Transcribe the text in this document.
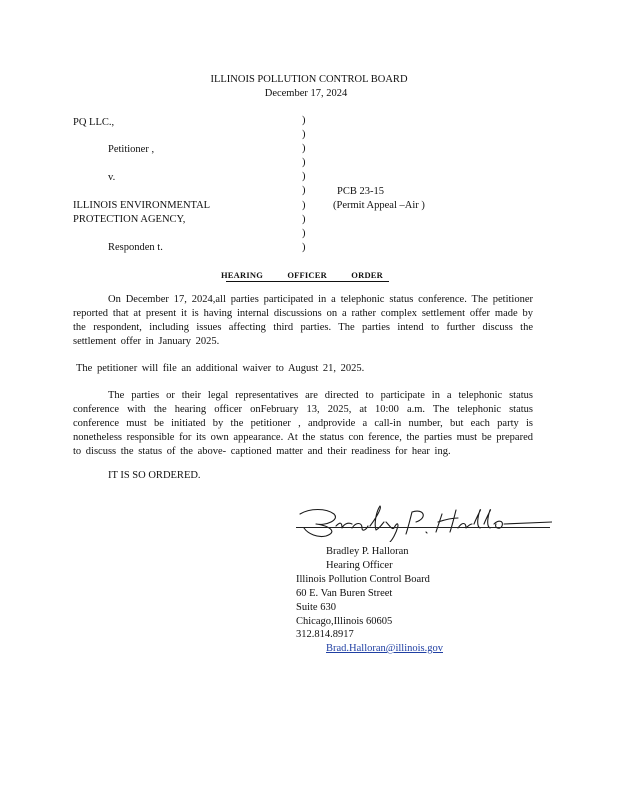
ILLINOIS POLLUTION CONTROL BOARD
December 17, 2024
PQ LLC.,
Petitioner ,
v.
ILLINOIS ENVIRONMENTAL
PROTECTION AGENCY,
Responden t.
)
)
)
)
)
)
)
)
)
)
PCB 23-15
(Permit Appeal –Air )
HEARING OFFICER ORDER
On December 17, 2024,all parties participated in a telephonic status conference. The petitioner reported that at present it is having internal discussions on a rather complex settlement offer made by the respondent, including issues affecting third parties. The parties intend to further discuss the settlement offer in January 2025.
The petitioner will file an additional waiver to August 21, 2025.
The parties or their legal representatives are directed to participate in a telephonic status conference with the hearing officer onFebruary 13, 2025, at 10:00 a.m. The telephonic status conference must be initiated by the petitioner , andprovide a call-in number, but each party is nonetheless responsible for its own appearance. At the status con ference, the parties must be prepared to discuss the status of the above- captioned matter and their readiness for hear ing.
IT IS SO ORDERED.
Bradley P. Halloran
Hearing Officer
Illinois Pollution Control Board
60 E. Van Buren Street
Suite 630
Chicago,Illinois 60605
312.814.8917
Brad.Halloran@illinois.gov
